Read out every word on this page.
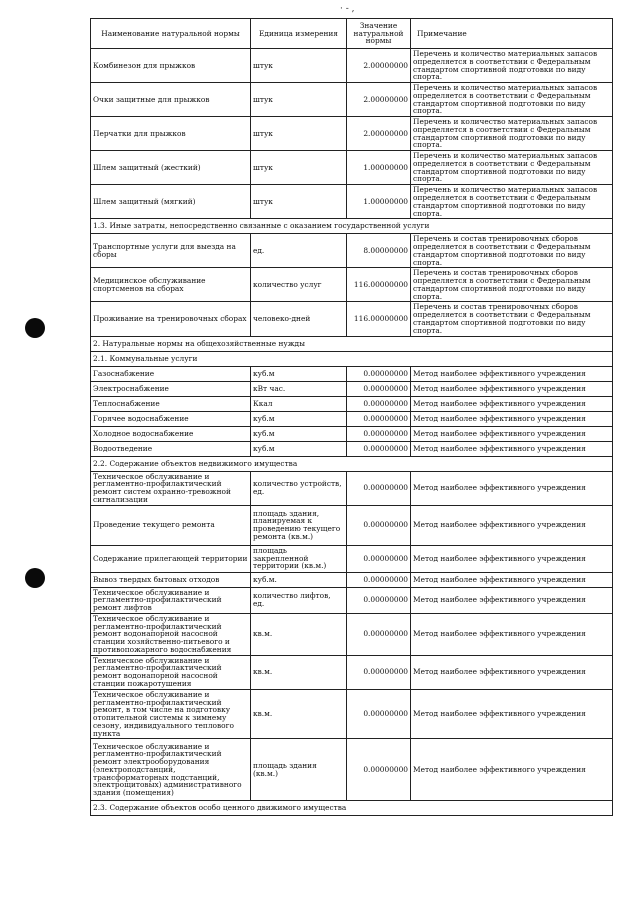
· - ,
Наименование натуральной нормы	Единица измерения	Значение натуральной нормы	Примечание
Комбинезон для прыжков	штук	2.00000000	Перечень и количество материальных запасов определяется в соответствии с Федеральным стандартом спортивной подготовки по виду спорта.
Очки защитные для прыжков	штук	2.00000000	Перечень и количество материальных запасов определяется в соответствии с Федеральным стандартом спортивной подготовки по виду спорта.
Перчатки для прыжков	штук	2.00000000	Перечень и количество материальных запасов определяется в соответствии с Федеральным стандартом спортивной подготовки по виду спорта.
Шлем защитный (жесткий)	штук	1.00000000	Перечень и количество материальных запасов определяется в соответствии с Федеральным стандартом спортивной подготовки по виду спорта.
Шлем защитный (мягкий)	штук	1.00000000	Перечень и количество материальных запасов определяется в соответствии с Федеральным стандартом спортивной подготовки по виду спорта.
1.3. Иные затраты, непосредственно связанные с оказанием государственной услуги			
Транспортные услуги для выезда на сборы	ед.	8.00000000	Перечень и состав тренировочных сборов определяется в соответствии с Федеральным стандартом спортивной подготовки по виду спорта.
Медицинское обслуживание спортсменов на сборах	количество услуг	116.00000000	Перечень и состав тренировочных сборов определяется в соответствии с Федеральным стандартом спортивной подготовки по виду спорта.
Проживание на тренировочных сборах	человеко-дней	116.00000000	Перечень и состав тренировочных сборов определяется в соответствии с Федеральным стандартом спортивной подготовки по виду спорта.
2. Натуральные нормы на общехозяйственные нужды			
2.1. Коммунальные услуги			
Газоснабжение	куб.м	0.00000000	Метод наиболее эффективного учреждения
Электроснабжение	кВт час.	0.00000000	Метод наиболее эффективного учреждения
Теплоснабжение	Ккал	0.00000000	Метод наиболее эффективного учреждения
Горячее водоснабжение	куб.м	0.00000000	Метод наиболее эффективного учреждения
Холодное водоснабжение	куб.м	0.00000000	Метод наиболее эффективного учреждения
Водоотведение	куб.м	0.00000000	Метод наиболее эффективного учреждения
2.2. Содержание объектов недвижимого имущества			
Техническое обслуживание и регламентно-профилактический ремонт систем охранно-тревожной сигнализации	количество устройств, ед.	0.00000000	Метод наиболее эффективного учреждения
Проведение текущего ремонта	площадь здания, планируемая к проведению текущего ремонта (кв.м.)	0.00000000	Метод наиболее эффективного учреждения
Содержание прилегающей территории	площадь закрепленной территории (кв.м.)	0.00000000	Метод наиболее эффективного учреждения
Вывоз твердых бытовых отходов	куб.м.	0.00000000	Метод наиболее эффективного учреждения
Техническое обслуживание и регламентно-профилактический ремонт лифтов	количество лифтов, ед.	0.00000000	Метод наиболее эффективного учреждения
Техническое обслуживание и регламентно-профилактический ремонт водонапорной насосной станции хозяйственно-питьевого и противопожарного водоснабжения	кв.м.	0.00000000	Метод наиболее эффективного учреждения
Техническое обслуживание и регламентно-профилактический ремонт водонапорной насосной станции пожаротушения	кв.м.	0.00000000	Метод наиболее эффективного учреждения
Техническое обслуживание и регламентно-профилактический ремонт, в том числе на подготовку отопительной системы к зимнему сезону, индивидуального теплового пункта	кв.м.	0.00000000	Метод наиболее эффективного учреждения
Техническое обслуживание и регламентно-профилактический ремонт электрооборудования (электроподстанций, трансформаторных подстанций, электрощитовых) административного здания (помещения)	площадь здания (кв.м.)	0.00000000	Метод наиболее эффективного учреждения
2.3. Содержание объектов особо ценного движимого имущества			
